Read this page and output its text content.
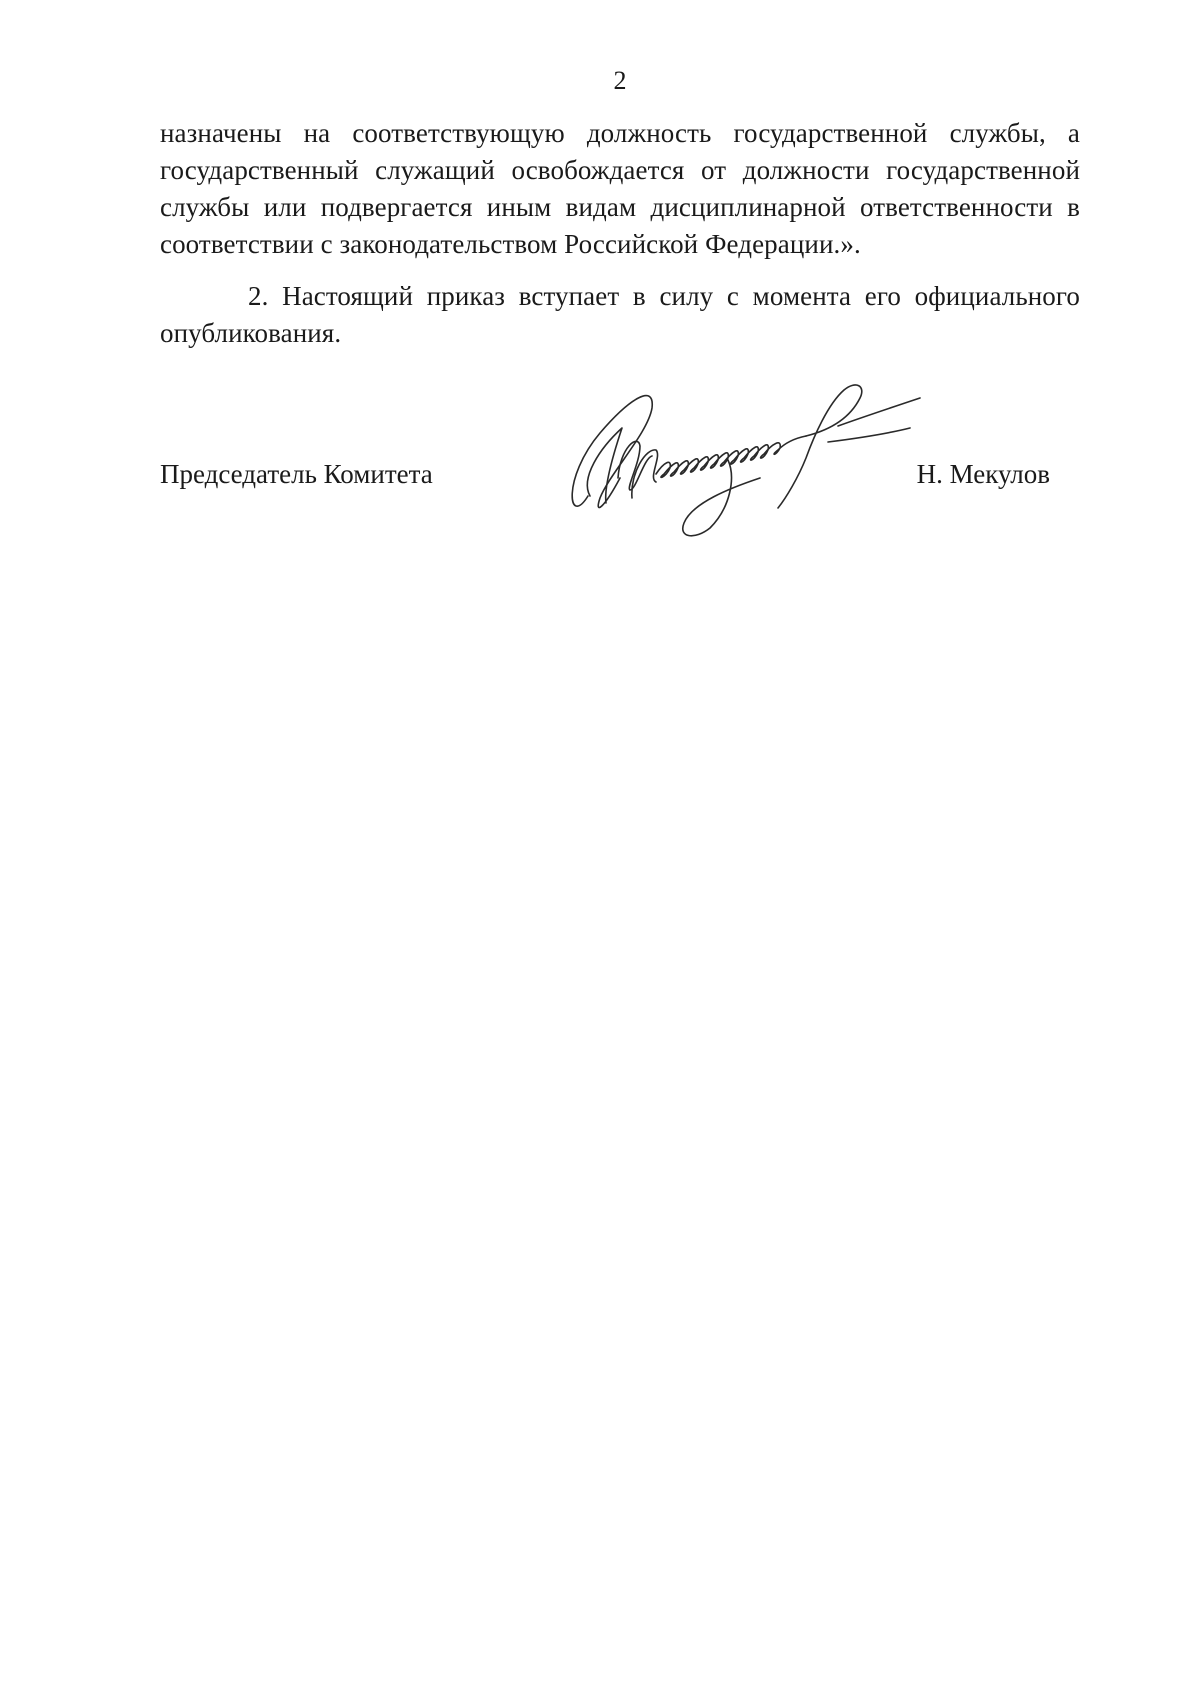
2
назначены на соответствующую должность государственной службы, а
государственный служащий освобождается от должности государственной
службы или подвергается иным видам дисциплинарной ответственности в
соответствии с законодательством Российской Федерации.».
2. Настоящий приказ вступает в силу с момента его официального
опубликования.
Председатель Комитета	Н. Мекулов
